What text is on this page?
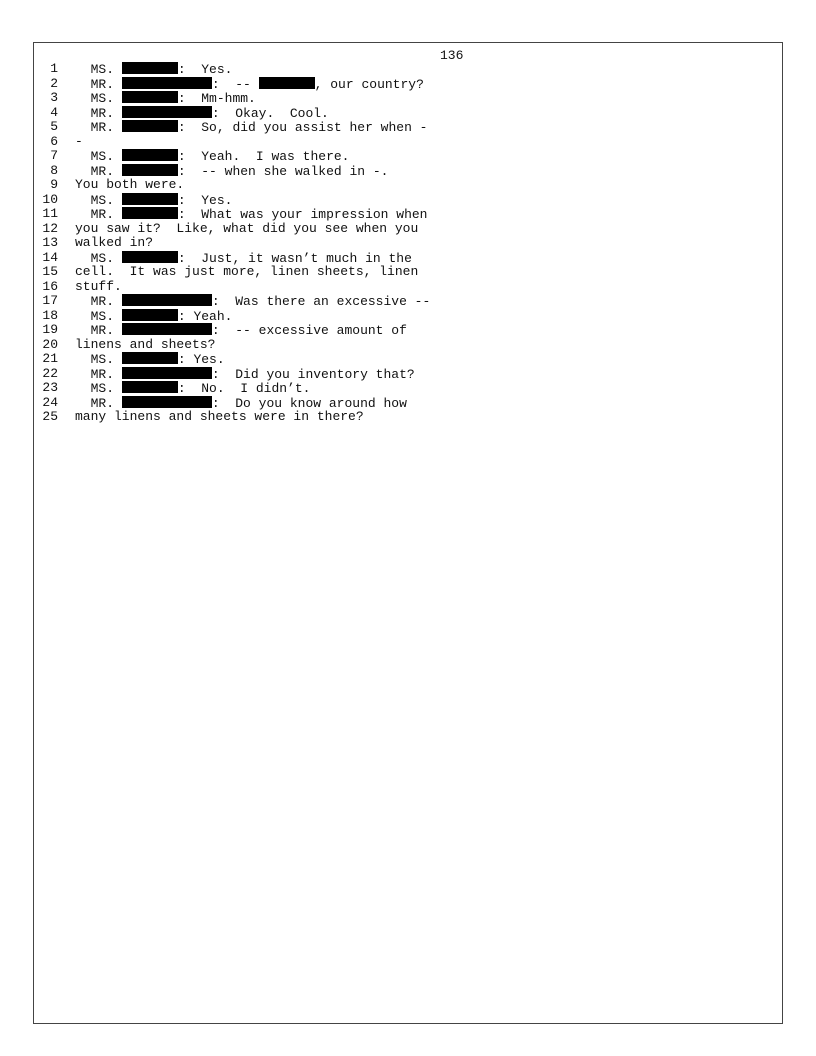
136
1	MS.	:  Yes.
2	MR.	:  --	, our country?
3	MS.	:  Mm-hmm.
4	MR.	:  Okay.  Cool.
5	MR.	:  So, did you assist her when -
6 -
7	MS.	:  Yeah.  I was there.
8	MR.	:  -- when she walked in -.
9 You both were.
10	MS.	:  Yes.
11	MR.	:  What was your impression when
12 you saw it?  Like, what did you see when you
13 walked in?
14	MS.	:  Just, it wasn’t much in the
15 cell.  It was just more, linen sheets, linen
16 stuff.
17	MR.	:  Was there an excessive --
18	MS.	: Yeah.
19	MR.	:  -- excessive amount of
20 linens and sheets?
21	MS.	: Yes.
22	MR.	:  Did you inventory that?
23	MS.	:  No.  I didn’t.
24	MR.	:  Do you know around how
25 many linens and sheets were in there?
